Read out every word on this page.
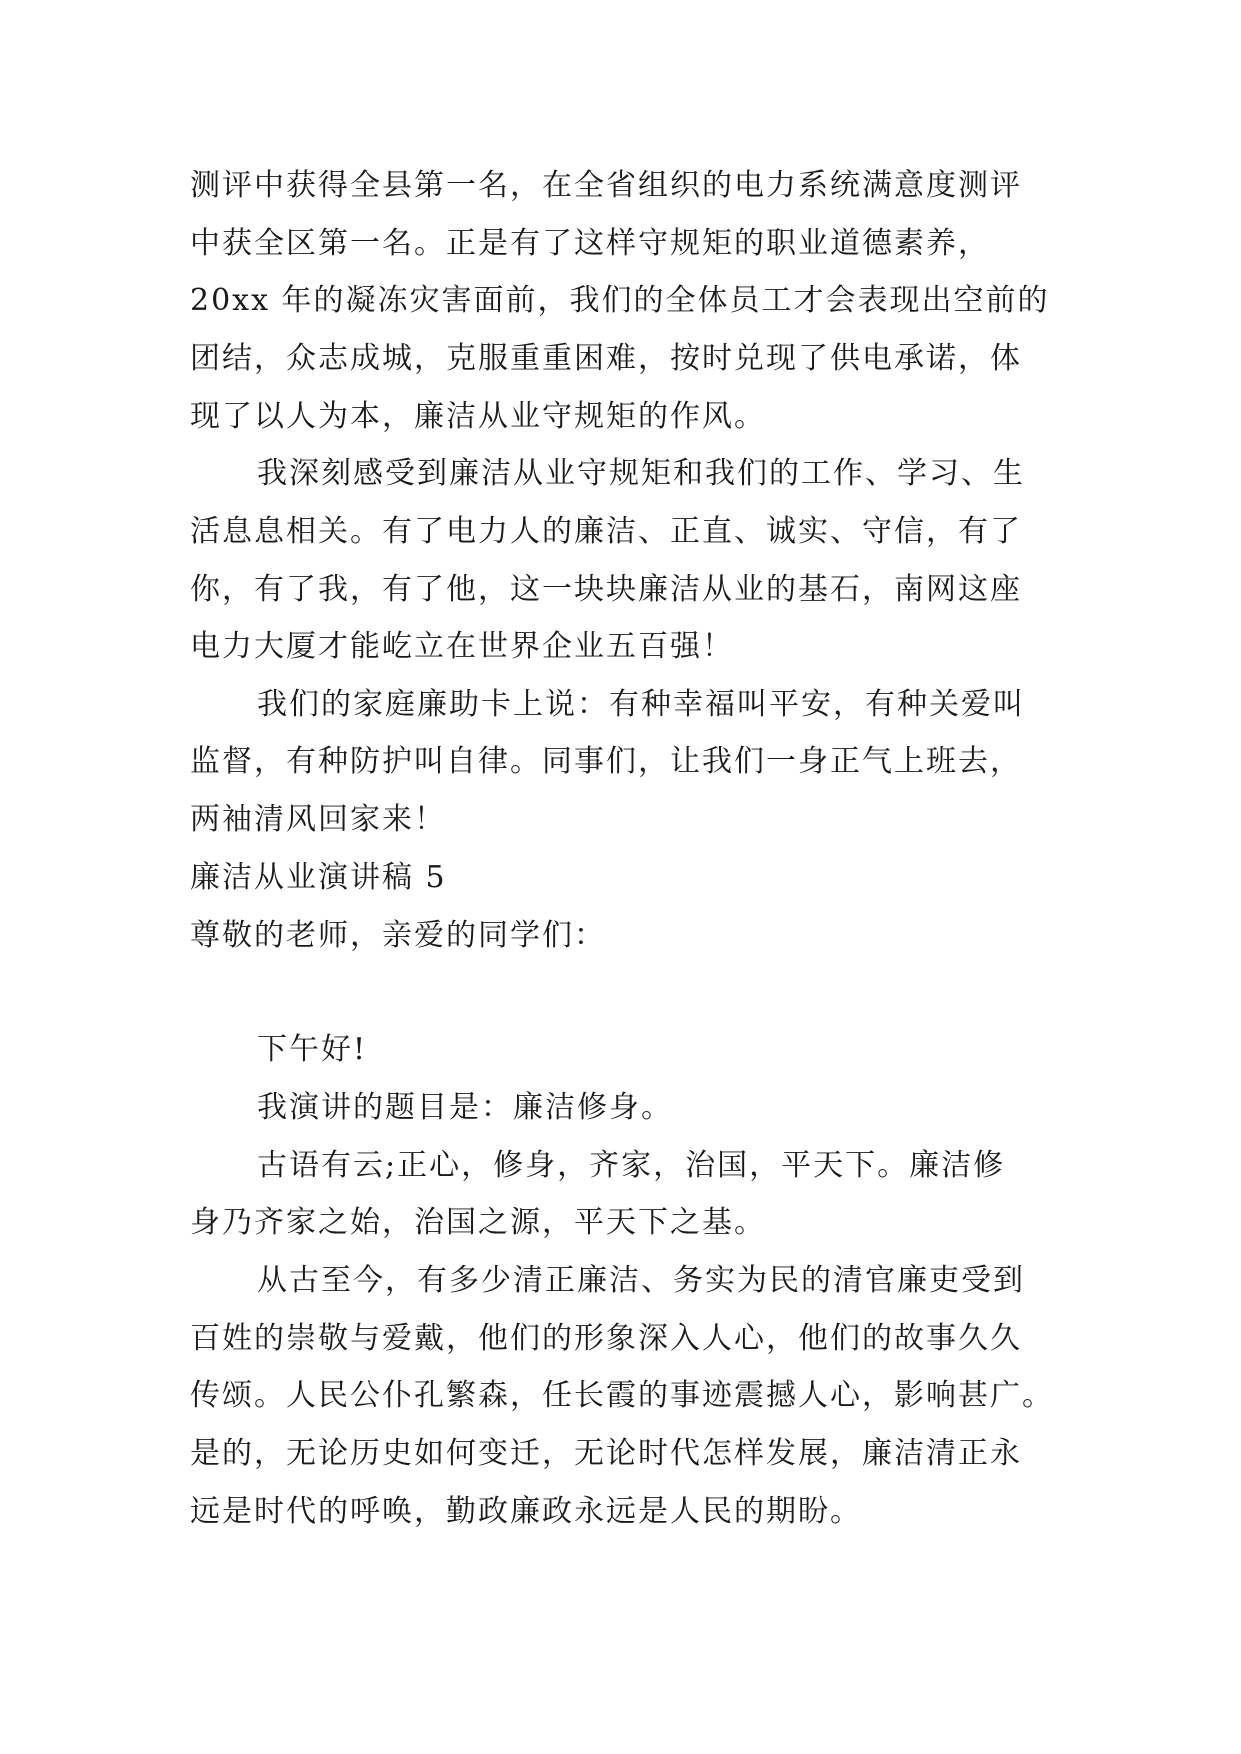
测评中获得全县第一名，在全省组织的电力系统满意度测评
中获全区第一名。正是有了这样守规矩的职业道德素养，
20xx 年的凝冻灾害面前，我们的全体员工才会表现出空前的
团结，众志成城，克服重重困难，按时兑现了供电承诺，体
现了以人为本，廉洁从业守规矩的作风。
我深刻感受到廉洁从业守规矩和我们的工作、学习、生
活息息相关。有了电力人的廉洁、正直、诚实、守信，有了
你，有了我，有了他，这一块块廉洁从业的基石，南网这座
电力大厦才能屹立在世界企业五百强！
我们的家庭廉助卡上说：有种幸福叫平安，有种关爱叫
监督，有种防护叫自律。同事们，让我们一身正气上班去，
两袖清风回家来！
廉洁从业演讲稿 5
尊敬的老师，亲爱的同学们：
下午好!
我演讲的题目是：廉洁修身。
古语有云;正心，修身，齐家，治国，平天下。廉洁修
身乃齐家之始，治国之源，平天下之基。
从古至今，有多少清正廉洁、务实为民的清官廉吏受到
百姓的崇敬与爱戴，他们的形象深入人心，他们的故事久久
传颂。人民公仆孔繁森，任长霞的事迹震撼人心，影响甚广。
是的，无论历史如何变迁，无论时代怎样发展，廉洁清正永
远是时代的呼唤，勤政廉政永远是人民的期盼。
